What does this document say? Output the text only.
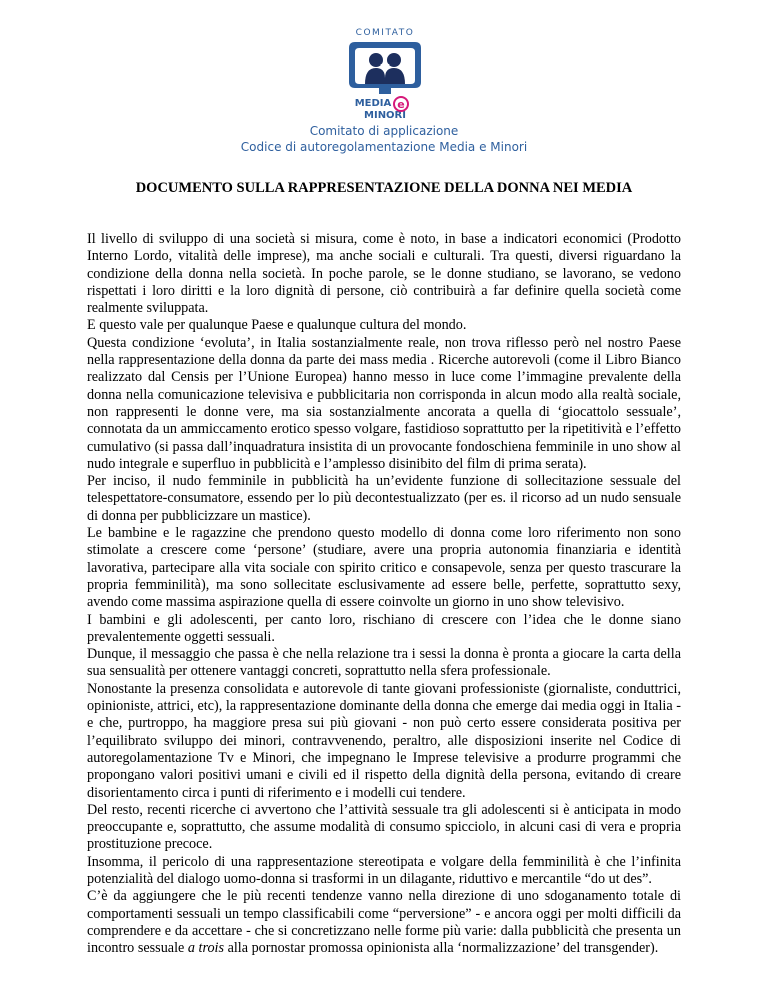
COMITATO
MEDIA
MINORI
e
Comitato di applicazione
Codice di autoregolamentazione Media e Minori
DOCUMENTO SULLA RAPPRESENTAZIONE DELLA DONNA NEI MEDIA

Il livello di sviluppo di una società si misura, come è noto, in base a indicatori economici (Prodotto Interno Lordo, vitalità delle imprese), ma anche sociali e culturali. Tra questi, diversi riguardano la condizione della donna nella società. In poche parole, se le donne studiano, se lavorano, se vedono rispettati i loro diritti e la loro dignità di persone, ciò contribuirà a far definire quella società come realmente sviluppata.

E questo vale per qualunque Paese e qualunque cultura del mondo.

Questa condizione ‘evoluta’, in Italia sostanzialmente reale, non trova riflesso però nel nostro Paese nella rappresentazione della donna da parte dei mass media . Ricerche autorevoli (come il Libro Bianco realizzato dal Censis per l’Unione Europea) hanno messo in luce come l’immagine prevalente della donna nella comunicazione televisiva e pubblicitaria non corrisponda in alcun modo alla realtà sociale, non rappresenti le donne vere, ma sia sostanzialmente ancorata a quella di ‘giocattolo sessuale’, connotata da un ammiccamento erotico spesso volgare, fastidioso soprattutto per la ripetitività e l’effetto cumulativo (si passa dall’inquadratura insistita di un provocante fondoschiena femminile in uno show al nudo integrale e superfluo in pubblicità e l’amplesso disinibito del film di prima serata).

Per inciso, il nudo femminile in pubblicità ha un’evidente funzione di sollecitazione sessuale del telespettatore-consumatore, essendo per lo più decontestualizzato (per es. il ricorso ad un nudo sensuale di donna per pubblicizzare un mastice).

Le bambine e le ragazzine che prendono questo modello di donna come loro riferimento non sono stimolate a crescere come ‘persone’ (studiare, avere una propria autonomia finanziaria e identità lavorativa, partecipare alla vita sociale con spirito critico e consapevole, senza per questo trascurare la propria femminilità), ma sono sollecitate esclusivamente ad essere belle, perfette, soprattutto sexy, avendo come massima aspirazione quella di essere coinvolte un giorno in uno show televisivo.

I bambini e gli adolescenti, per canto loro, rischiano di crescere con l’idea che le donne siano prevalentemente oggetti sessuali.

Dunque, il messaggio che passa è che nella relazione tra i sessi la donna è pronta a giocare la carta della sua sensualità per ottenere vantaggi concreti, soprattutto nella sfera professionale.

Nonostante la presenza consolidata e autorevole di tante giovani professioniste (giornaliste, conduttrici, opinioniste, attrici, etc), la rappresentazione dominante della donna che emerge dai media oggi in Italia - e che, purtroppo, ha maggiore presa sui più giovani - non può certo essere considerata positiva per l’equilibrato sviluppo dei minori, contravvenendo, peraltro, alle disposizioni inserite nel Codice di autoregolamentazione Tv e Minori, che impegnano le Imprese televisive a produrre programmi che propongano valori positivi umani e civili ed il rispetto della dignità della persona, evitando di creare disorientamento circa i punti di riferimento e i modelli cui tendere.

Del resto, recenti ricerche ci avvertono che l’attività sessuale tra gli adolescenti si è anticipata in modo preoccupante e, soprattutto, che assume modalità di consumo spicciolo, in alcuni casi di vera e propria prostituzione precoce.

Insomma, il pericolo di una rappresentazione stereotipata e volgare della femminilità è che l’infinita potenzialità del dialogo uomo-donna si trasformi in un dilagante, riduttivo e mercantile “do ut des”.

C’è da aggiungere che le più recenti tendenze vanno nella direzione di uno sdoganamento totale di comportamenti sessuali un tempo classificabili come “perversione” - e ancora oggi per molti difficili da comprendere e da accettare - che si concretizzano nelle forme più varie: dalla pubblicità che presenta un incontro sessuale a trois alla pornostar promossa opinionista alla ‘normalizzazione’ del transgender).
